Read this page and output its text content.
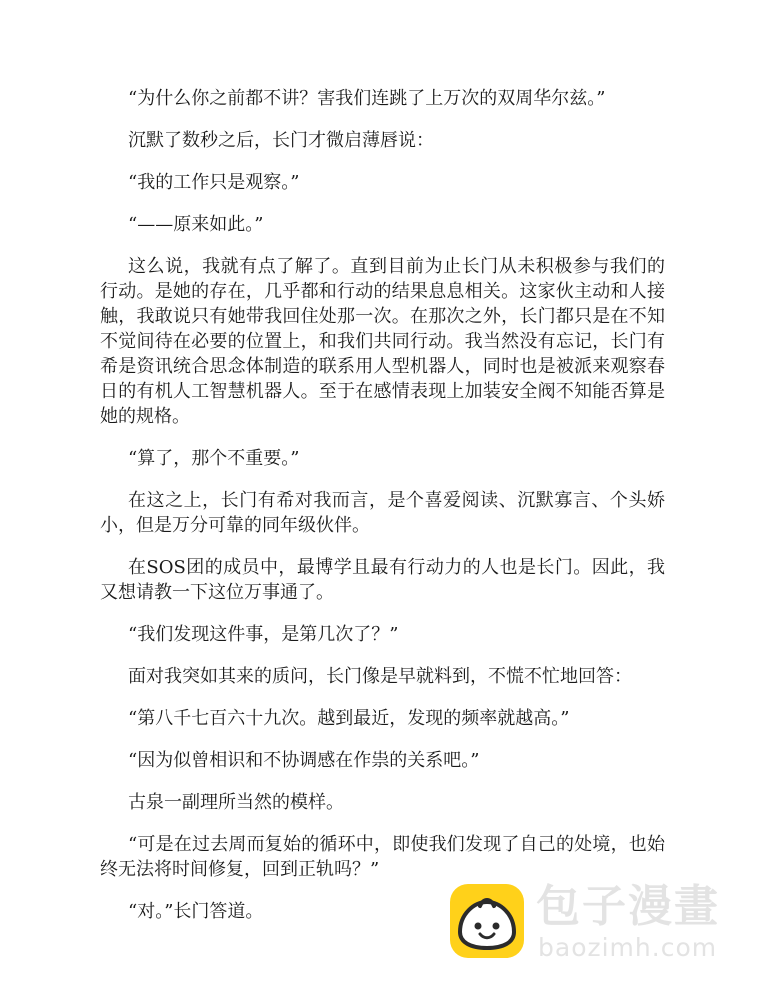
“为什么你之前都不讲？害我们连跳了上万次的双周华尔兹。”

沉默了数秒之后，长门才微启薄唇说：

“我的工作只是观察。”

“——原来如此。”

这么说，我就有点了解了。直到目前为止长门从未积极参与我们的行动。是她的存在，几乎都和行动的结果息息相关。这家伙主动和人接触，我敢说只有她带我回住处那一次。在那次之外，长门都只是在不知不觉间待在必要的位置上，和我们共同行动。我当然没有忘记，长门有希是资讯统合思念体制造的联系用人型机器人，同时也是被派来观察春日的有机人工智慧机器人。至于在感情表现上加装安全阀不知能否算是她的规格。

“算了，那个不重要。”

在这之上，长门有希对我而言，是个喜爱阅读、沉默寡言、个头娇小，但是万分可靠的同年级伙伴。

在SOS团的成员中，最博学且最有行动力的人也是长门。因此，我又想请教一下这位万事通了。

“我们发现这件事，是第几次了？”

面对我突如其来的质问，长门像是早就料到，不慌不忙地回答：

“第八千七百六十九次。越到最近，发现的频率就越高。”

“因为似曾相识和不协调感在作祟的关系吧。”

古泉一副理所当然的模样。

“可是在过去周而复始的循环中，即使我们发现了自己的处境，也始终无法将时间修复，回到正轨吗？”

“对。”长门答道。	包子漫畫
baozimh.com
